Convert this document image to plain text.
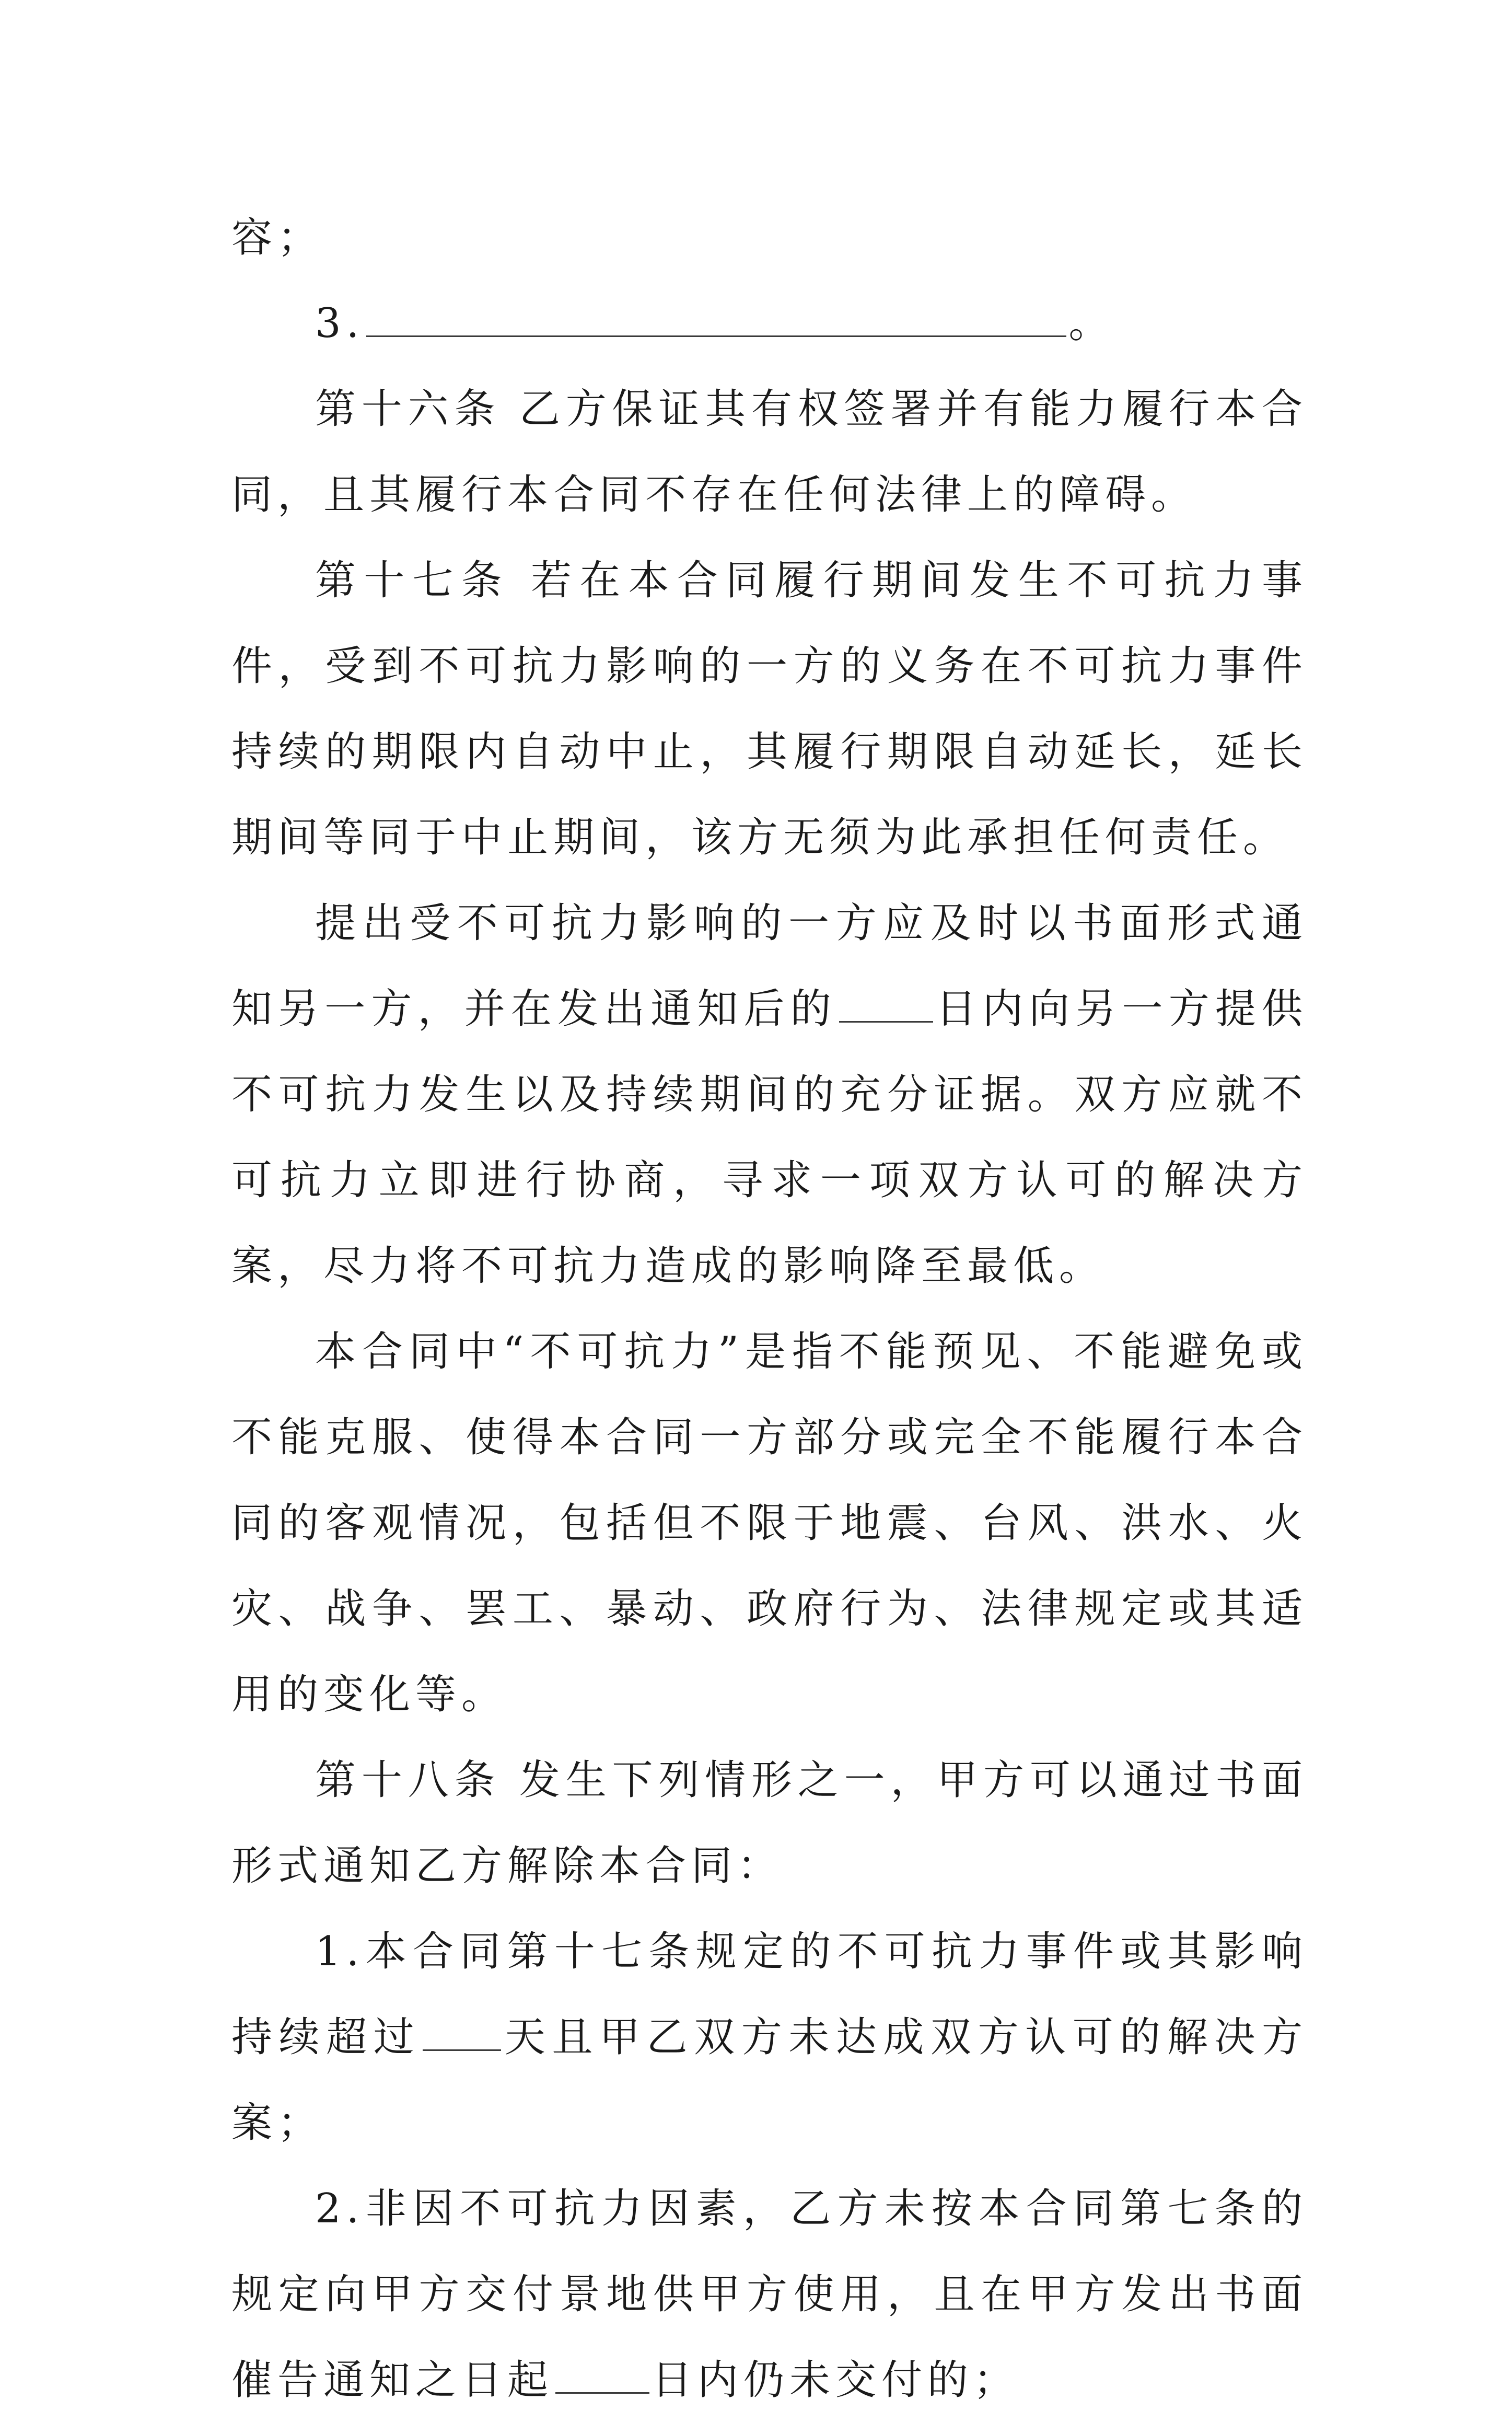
容；

3.	。

第十六条 乙方保证其有权签署并有能力履行本合同，且其履行本合同不存在任何法律上的障碍。

第十七条 若在本合同履行期间发生不可抗力事件，受到不可抗力影响的一方的义务在不可抗力事件持续的期限内自动中止，其履行期限自动延长，延长期间等同于中止期间，该方无须为此承担任何责任。

提出受不可抗力影响的一方应及时以书面形式通知另一方，并在发出通知后的 日内向另一方提供不可抗力发生以及持续期间的充分证据。双方应就不可抗力立即进行协商，寻求一项双方认可的解决方案，尽力将不可抗力造成的影响降至最低。

本合同中“不可抗力”是指不能预见、不能避免或不能克服、使得本合同一方部分或完全不能履行本合同的客观情况，包括但不限于地震、台风、洪水、火灾、战争、罢工、暴动、政府行为、法律规定或其适用的变化等。

第十八条 发生下列情形之一，甲方可以通过书面形式通知乙方解除本合同：

1.本合同第十七条规定的不可抗力事件或其影响持续超过 天且甲乙双方未达成双方认可的解决方案；

2.非因不可抗力因素，乙方未按本合同第七条的规定向甲方交付景地供甲方使用，且在甲方发出书面催告通知之日起 日内仍未交付的；
